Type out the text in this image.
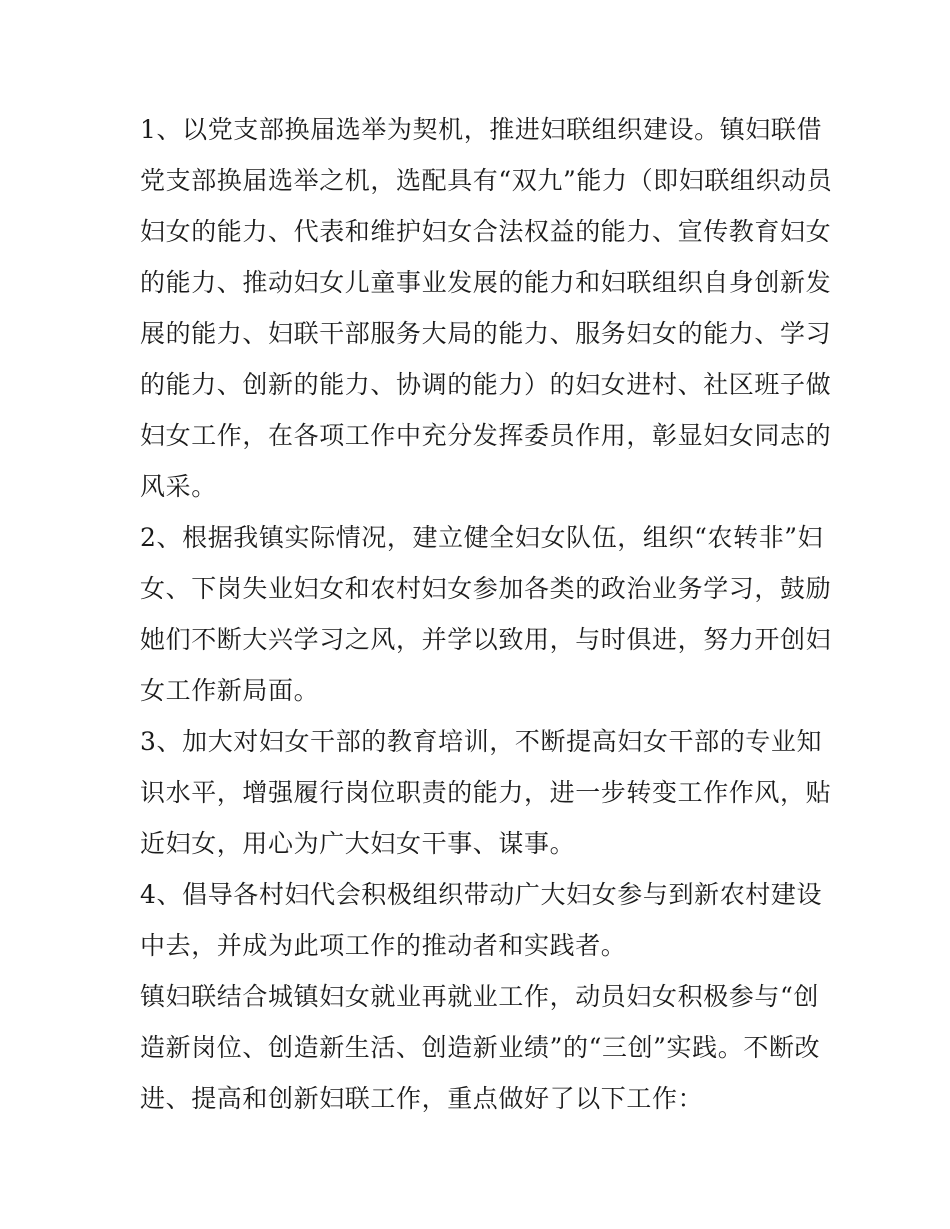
1、以党支部换届选举为契机，推进妇联组织建设。镇妇联借
党支部换届选举之机，选配具有“双九”能力（即妇联组织动员
妇女的能力、代表和维护妇女合法权益的能力、宣传教育妇女
的能力、推动妇女儿童事业发展的能力和妇联组织自身创新发
展的能力、妇联干部服务大局的能力、服务妇女的能力、学习
的能力、创新的能力、协调的能力）的妇女进村、社区班子做
妇女工作，在各项工作中充分发挥委员作用，彰显妇女同志的
风采。

2、根据我镇实际情况，建立健全妇女队伍，组织“农转非”妇
女、下岗失业妇女和农村妇女参加各类的政治业务学习，鼓励
她们不断大兴学习之风，并学以致用，与时俱进，努力开创妇
女工作新局面。

3、加大对妇女干部的教育培训，不断提高妇女干部的专业知
识水平，增强履行岗位职责的能力，进一步转变工作作风，贴
近妇女，用心为广大妇女干事、谋事。

4、倡导各村妇代会积极组织带动广大妇女参与到新农村建设
中去，并成为此项工作的推动者和实践者。

镇妇联结合城镇妇女就业再就业工作，动员妇女积极参与“创
造新岗位、创造新生活、创造新业绩”的“三创”实践。不断改
进、提高和创新妇联工作，重点做好了以下工作：
